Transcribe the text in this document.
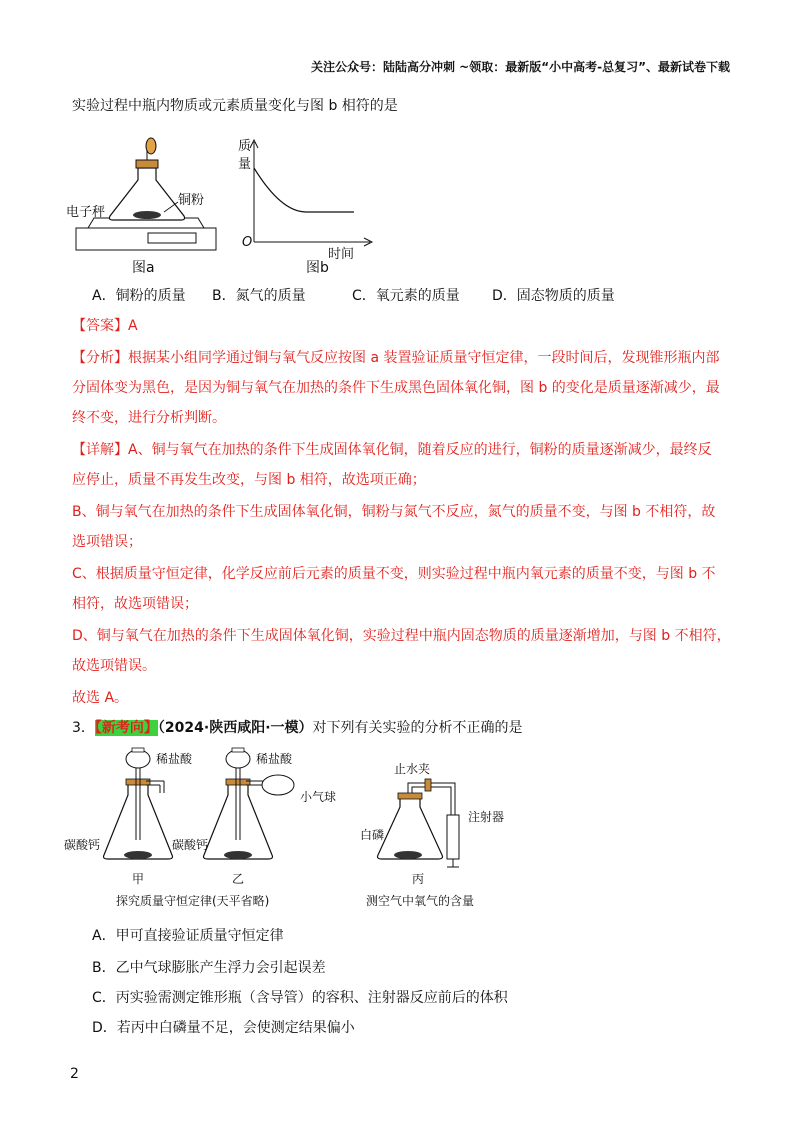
关注公众号：陆陆高分冲刺 ~领取：最新版“小中高考-总复习”、最新试卷下载
实验过程中瓶内物质或元素质量变化与图 b 相符的是
电子秤
铜粉
图a
质
量
O
时间
图b
A．铜粉的质量 B．氮气的质量	C．氧元素的质量 D．固态物质的质量
【答案】A
【分析】根据某小组同学通过铜与氧气反应按图 a 装置验证质量守恒定律，一段时间后，发现锥形瓶内部
分固体变为黑色，是因为铜与氧气在加热的条件下生成黑色固体氧化铜，图 b 的变化是质量逐渐减少，最
终不变，进行分析判断。
【详解】A、铜与氧气在加热的条件下生成固体氧化铜，随着反应的进行，铜粉的质量逐渐减少，最终反
应停止，质量不再发生改变，与图 b 相符，故选项正确；
B、铜与氧气在加热的条件下生成固体氧化铜，铜粉与氮气不反应，氮气的质量不变，与图 b 不相符，故
选项错误；
C、根据质量守恒定律，化学反应前后元素的质量不变，则实验过程中瓶内氧元素的质量不变，与图 b 不
相符，故选项错误；
D、铜与氧气在加热的条件下生成固体氧化铜，实验过程中瓶内固态物质的质量逐渐增加，与图 b 不相符，
故选项错误。
故选 A。
3．【新考向】（2024·陕西咸阳·一模）对下列有关实验的分析不正确的是
稀盐酸
碳酸钙
甲
稀盐酸
小气球
碳酸钙
乙
探究质量守恒定律(天平省略)
止水夹
注射器
白磷
丙
测空气中氧气的含量
A．甲可直接验证质量守恒定律
B．乙中气球膨胀产生浮力会引起误差
C．丙实验需测定锥形瓶（含导管）的容积、注射器反应前后的体积
D．若丙中白磷量不足，会使测定结果偏小
2
